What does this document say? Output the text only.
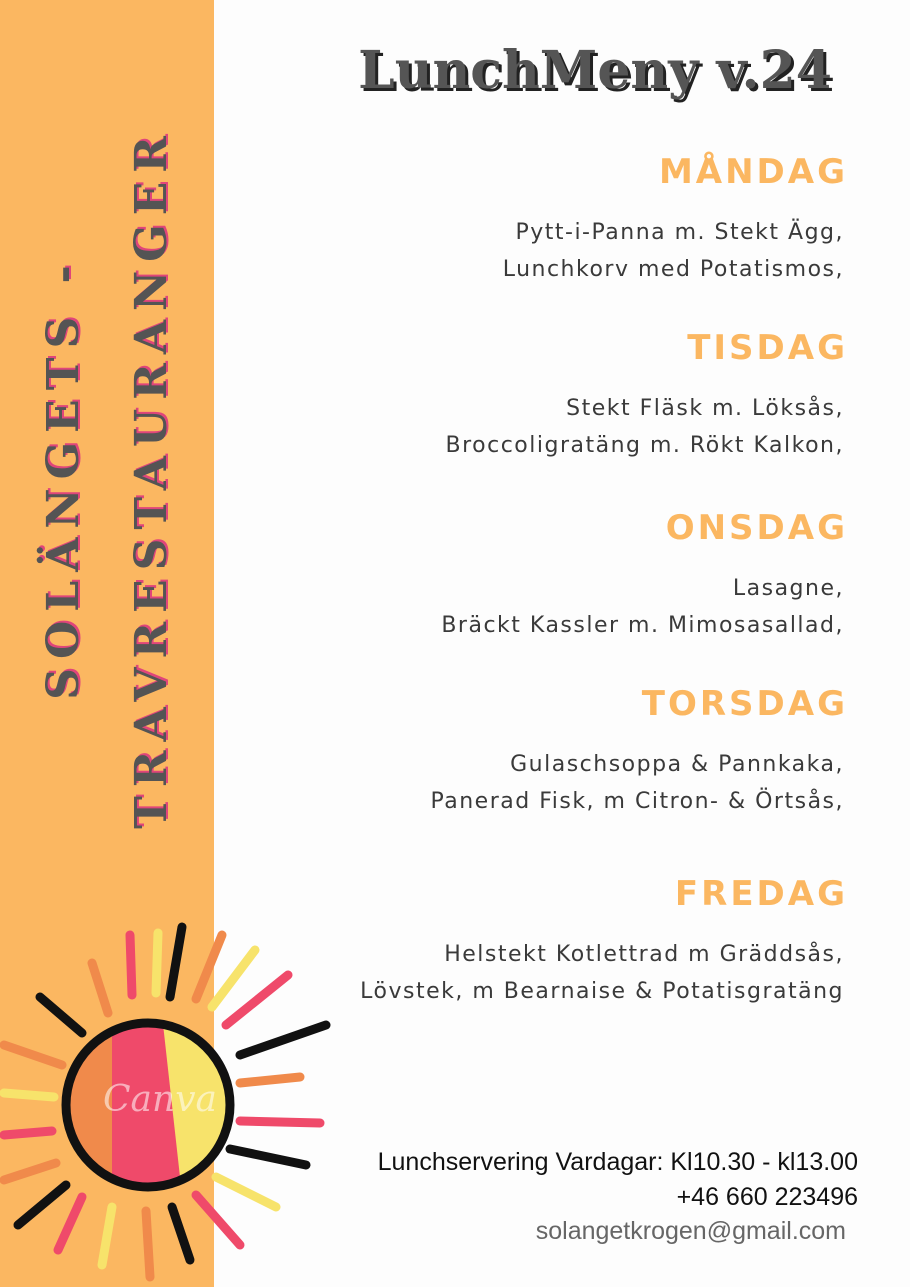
SOLÄNGETS - TRAVRESTAURANGER
LunchMeny v.24
MÅNDAG
Pytt-i-Panna m. Stekt Ägg,
Lunchkorv med Potatismos,
TISDAG
Stekt Fläsk m. Löksås,
Broccoligratäng m. Rökt Kalkon,
ONSDAG
Lasagne,
Bräckt Kassler m. Mimosasallad,
TORSDAG
Gulaschsoppa & Pannkaka,
Panerad Fisk, m Citron- & Örtsås,
FREDAG
Helstekt Kotlettrad m Gräddsås,
Lövstek, m Bearnaise & Potatisgratäng
Canva
Lunchservering Vardagar: Kl10.30 - kl13.00
+46 660 223496
solangetkrogen@gmail.com
